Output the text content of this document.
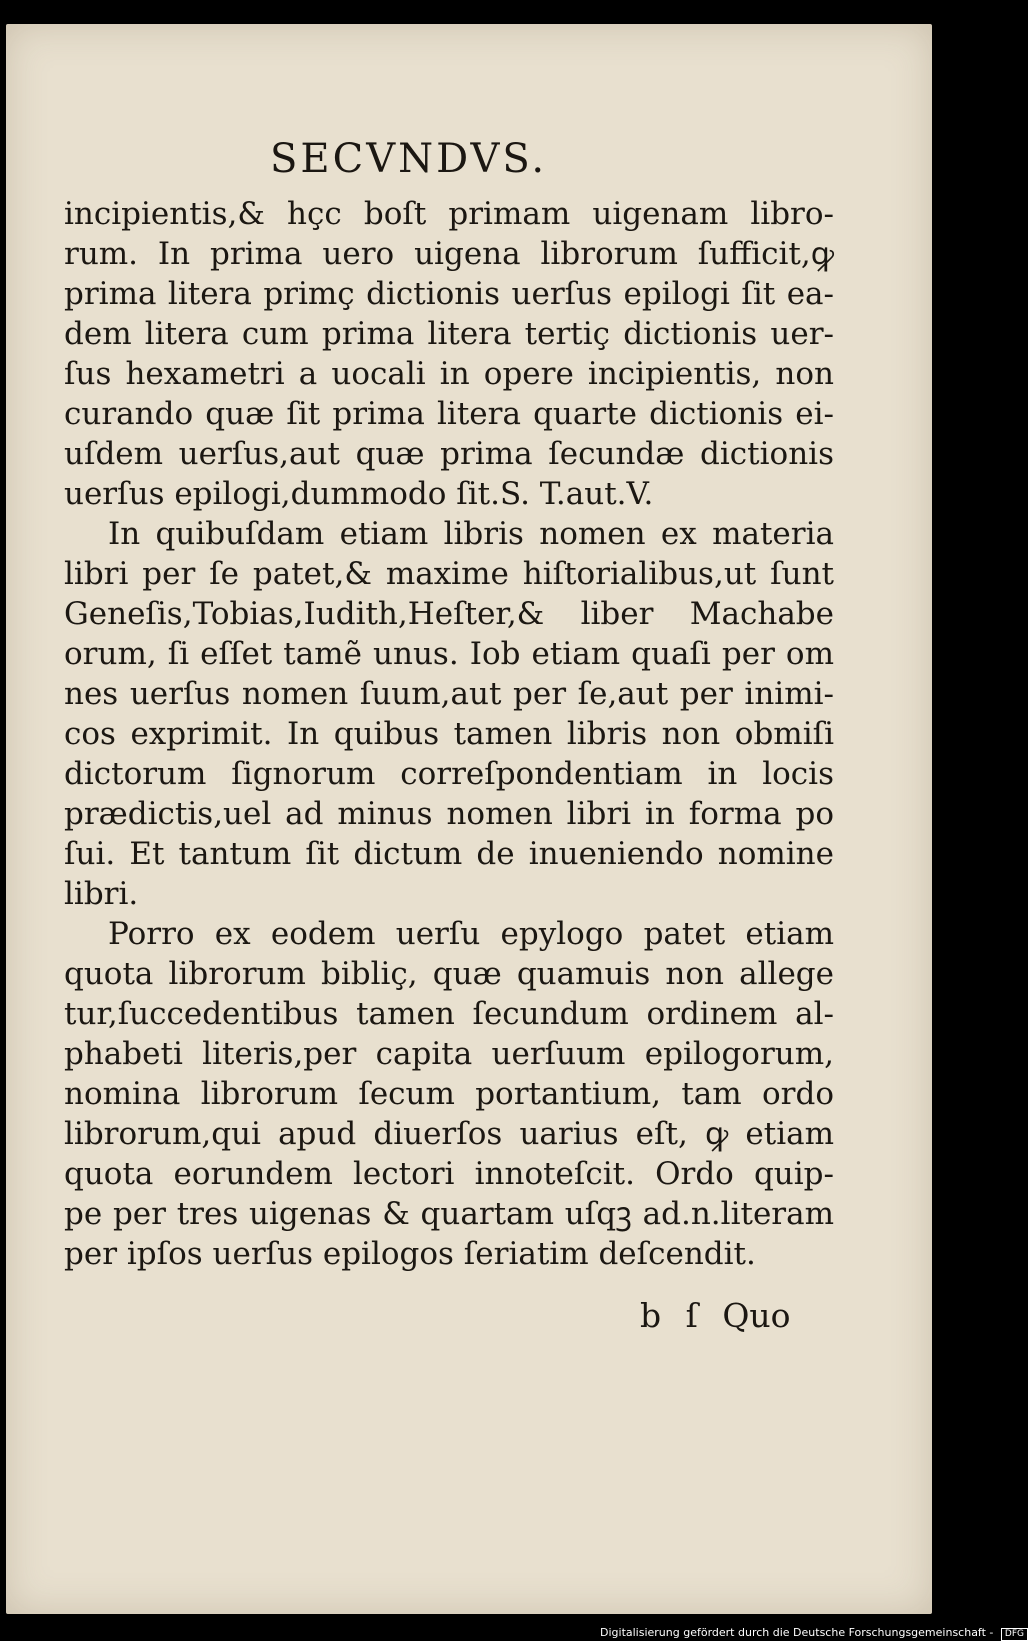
SECVNDVS.
incipientis,& hçc boſt primam uigenam libro‑
rum. In prima uero uigena librorum ſufficit,ꝙ
prima litera primç dictionis uerſus epilogi ſit ea‑
dem litera cum prima litera tertiç dictionis uer‑
ſus hexametri a uocali in opere incipientis, non
curando quæ ſit prima litera quarte dictionis ei‑
uſdem uerſus,aut quæ prima ſecundæ dictionis
uerſus epilogi,dummodo ſit.S. T.aut.V.
In quibuſdam etiam libris nomen ex materia
libri per ſe patet,& maxime hiſtorialibus,ut ſunt
Geneſis,Tobias,Iudith,Heſter,& liber Machabe
orum, ſi eſſet tamẽ unus. Iob etiam quaſi per om
nes uerſus nomen ſuum,aut per ſe,aut per inimi‑
cos exprimit. In quibus tamen libris non obmiſi
dictorum ſignorum correſpondentiam in locis
prædictis,uel ad minus nomen libri in forma po
ſui. Et tantum ſit dictum de inueniendo nomine
libri.
Porro ex eodem uerſu epylogo patet etiam
quota librorum bibliç, quæ quamuis non allege
tur,ſuccedentibus tamen ſecundum ordinem al‑
phabeti literis,per capita uerſuum epilogorum,
nomina librorum ſecum portantium, tam ordo
librorum,qui apud diuerſos uarius eſt, ꝙ etiam
quota eorundem lectori innoteſcit. Ordo quip‑
pe per tres uigenas & quartam uſqꝫ ad.n.literam
per ipſos uerſus epilogos ſeriatim deſcendit.
b ſ Quo
Digitalisierung gefördert durch die Deutsche Forschungsgemeinschaft - DFG
